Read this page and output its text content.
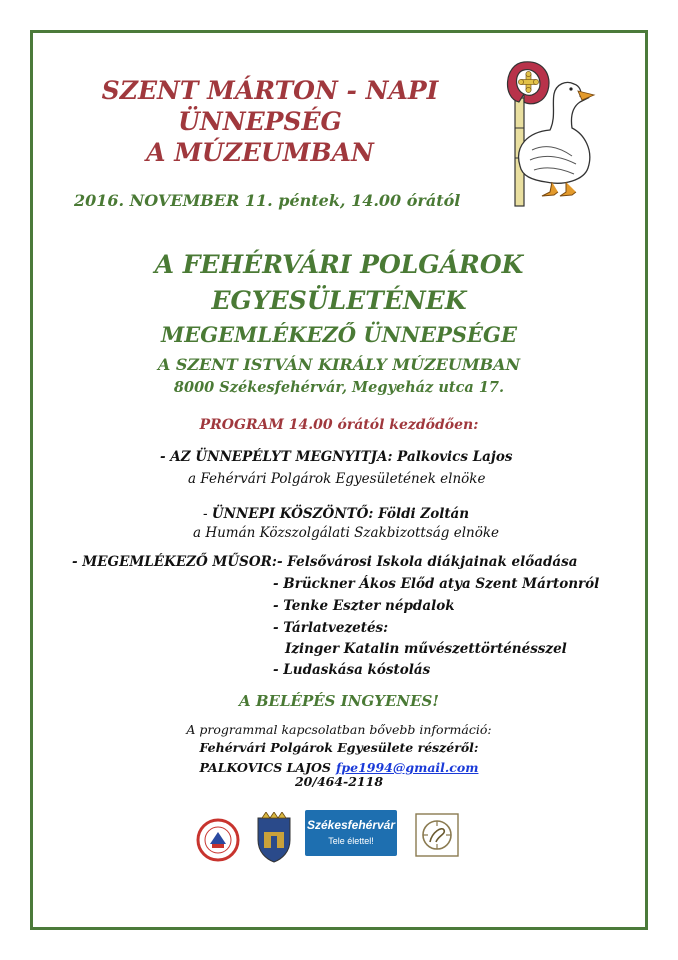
SZENT MÁRTON - NAPI
ÜNNEPSÉG
A MÚZEUMBAN
2016. NOVEMBER 11. péntek, 14.00 órától
A FEHÉRVÁRI POLGÁROK
EGYESÜLETÉNEK
MEGEMLÉKEZŐ ÜNNEPSÉGE
A SZENT ISTVÁN KIRÁLY MÚZEUMBAN
8000 Székesfehérvár, Megyeház utca 17.
PROGRAM 14.00 órától kezdődően:
- AZ ÜNNEPÉLYT MEGNYITJA: Palkovics Lajos
a Fehérvári Polgárok Egyesületének elnöke
- ÜNNEPI KÖSZÖNTŐ: Földi Zoltán
a Humán Közszolgálati Szakbizottság elnöke
- MEGEMLÉKEZŐ MŰSOR: - Felsővárosi Iskola diákjainak előadása
- Brückner Ákos Előd atya Szent Mártonról
- Tenke Eszter népdalok
- Tárlatvezetés:
Izinger Katalin művészettörténésszel
- Ludaskása kóstolás
A BELÉPÉS INGYENES!
A programmal kapcsolatban bővebb információ:
Fehérvári Polgárok Egyesülete részéről:
PALKOVICS LAJOS fpe1994@gmail.com
20/464-2118
Székesfehérvár
Tele élettel!
